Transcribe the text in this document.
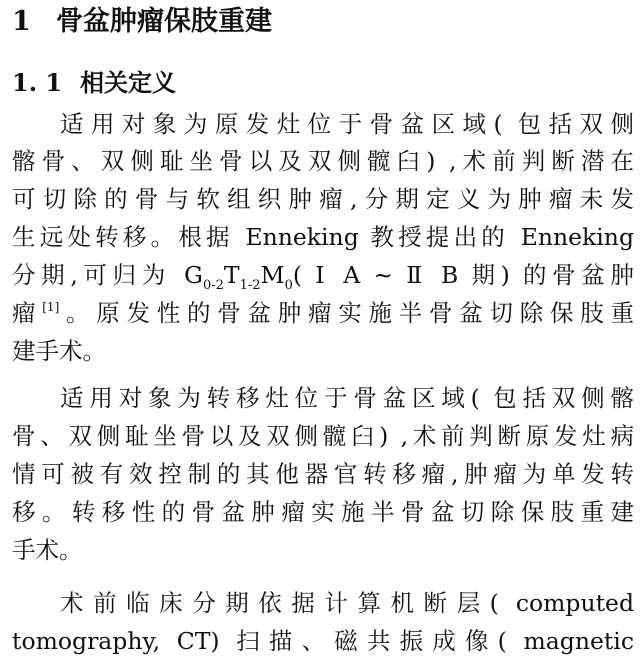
1 骨盆肿瘤保肢重建
1. 1 相关定义
适用对象为原发灶位于骨盆区域( 包括双侧
髂骨、双侧耻坐骨以及双侧髋臼) ,术前判断潜在
可切除的骨与软组织肿瘤,分期定义为肿瘤未发
生远处转移。根据 Enneking 教授提出的 Enneking
分期,可归为 $G_{0-2}T_{1-2}M_0$( Ⅰ A ~ Ⅱ B 期) 的骨盆肿
瘤[1]。原发性的骨盆肿瘤实施半骨盆切除保肢重
建手术。
适用对象为转移灶位于骨盆区域( 包括双侧髂
骨、双侧耻坐骨以及双侧髋臼) ,术前判断原发灶病
情可被有效控制的其他器官转移瘤,肿瘤为单发转
移。转移性的骨盆肿瘤实施半骨盆切除保肢重建
手术。
术前临床分期依据计算机断层( computed
tomography, CT) 扫描、磁共振成像( magnetic
